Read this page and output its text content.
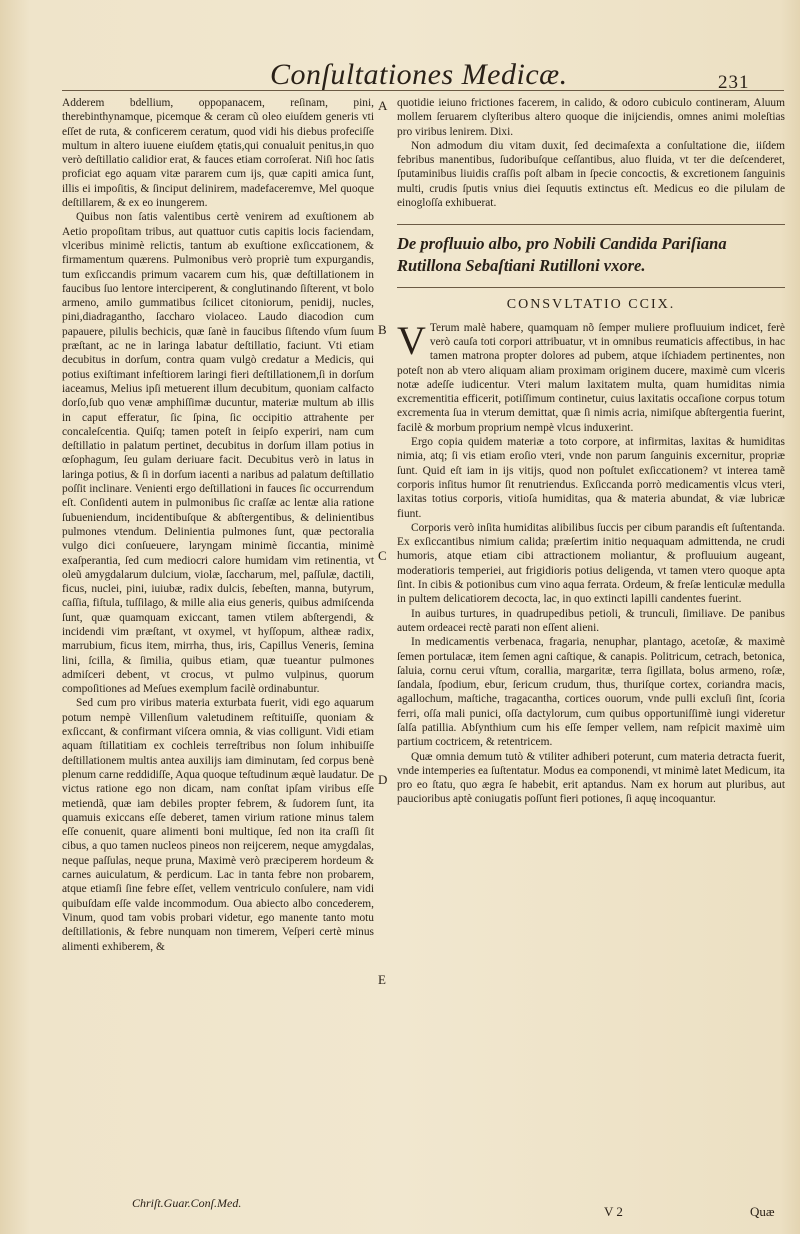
Conſultationes Medicæ.	231
A
B
C
D
E

Adderem bdellium, oppopanacem, reſinam, pini, therebinthynamque, picemque & ceram cũ oleo eiuſdem generis vti eſſet de ruta, & conficerem ceratum, quod vidi his diebus profeciſſe multum in altero iuuene eiuſdem ętatis,qui conualuit penitus,in quo verò deſtillatio calidior erat, & fauces etiam corroſerat. Niſi hoc ſatis proficiat ego aquam vitæ pararem cum ijs, quæ capiti amica ſunt, illis ei impoſitis, & ſinciput delinirem, madefaceremve, Mel quoque deſtillarem, & ex eo inungerem.

Quibus non ſatis valentibus certè venirem ad exuſtionem ab Aetio propoſitam tribus, aut quattuor cutis capitis locis faciendam, vlceribus minimè relictis, tantum ab exuſtione exſiccationem, & firmamentum quærens. Pulmonibus verò propriè tum expurgandis, tum exſiccandis primum vacarem cum his, quæ deſtillationem in faucibus ſuo lentore interciperent, & conglutinando ſiſterent, vt bolo armeno, amilo gummatibus ſcilicet citoniorum, penidij, nucles, pini,diadragantho, ſaccharo violaceo. Laudo diacodion cum papauere, pilulis bechicis, quæ ſanè in faucibus ſiſtendo vſum ſuum præſtant, ac ne in laringa labatur deſtillatio, faciunt. Vti etiam decubitus in dorſum, contra quam vulgò credatur a Medicis, qui potius exiſtimant infeſtiorem laringi fieri deſtillationem,ſi in dorſum iaceamus, Melius ipſi metuerent illum decubitum, quoniam calfacto dorſo,ſub quo venæ amphiſſimæ ducuntur, materiæ multum ab illis in caput efferatur, ſic ſpina, ſic occipitio attrahente per concaleſcentia. Quiſq; tamen poteſt in ſeipſo experiri, nam cum deſtillatio in palatum pertinet, decubitus in dorſum illam potius in œſophagum, ſeu gulam deriuare facit. Decubitus verò in latus in laringa potius, & ſi in dorſum iacenti a naribus ad palatum deſtillatio poſſit inclinare. Venienti ergo deſtillationi in fauces ſic occurrendum eſt. Conſidenti autem in pulmonibus ſic craſſæ ac lentæ alia ratione ſubueniendum, incidentibuſque & abſtergentibus, & delinientibus pulmones vtendum. Delinientia pulmones ſunt, quæ pectoralia vulgo dici conſueuere, laryngam minimè ſiccantia, minimè exaſperantia, ſed cum mediocri calore humidam vim retinentia, vt oleũ amygdalarum dulcium, violæ, ſaccharum, mel, paſſulæ, dactili, ficus, nuclei, pini, iuiubæ, radix dulcis, ſebeſten, manna, butyrum, caſſia, fiſtula, tuſſilago, & mille alia eius generis, quibus admiſcenda ſunt, quæ quamquam exiccant, tamen vtilem abſtergendi, & incidendi vim præſtant, vt oxymel, vt hyſſopum, altheæ radix, marrubium, ficus item, mirrha, thus, iris, Capillus Veneris, ſemina lini, ſcilla, & ſimilia, quibus etiam, quæ tueantur pulmones admiſceri debent, vt crocus, vt pulmo vulpinus, quorum compoſitiones ad Meſues exemplum facilè ordinabuntur.

Sed cum pro viribus materia exturbata fuerit, vidi ego aquarum potum nempè Villenſium valetudinem reſtituiſſe, quoniam & exſiccant, & confirmant viſcera omnia, & vias colligunt. Vidi etiam aquam ſtillatitiam ex cochleis terreſtribus non ſolum inhibuiſſe deſtillationem multis antea auxilijs iam diminutam, ſed corpus benè plenum carne reddidiſſe, Aqua quoque teſtudinum æquè laudatur. De victus ratione ego non dicam, nam conſtat ipſam viribus eſſe metiendã, quæ iam debiles propter febrem, & ſudorem ſunt, ita quamuis exiccans eſſe deberet, tamen virium ratione minus talem eſſe conuenit, quare alimenti boni multique, ſed non ita craſſi ſit cibus, a quo tamen nucleos pineos non reijcerem, neque amygdalas, neque paſſulas, neque pruna, Maximè verò præciperem hordeum & carnes auiculatum, & perdicum. Lac in tanta febre non probarem, atque etiamſi ſine febre eſſet, vellem ventriculo conſulere, nam vidi quibuſdam eſſe valde incommodum. Oua abiecto albo concederem, Vinum, quod tam vobis probari videtur, ego manente tanto motu deſtillationis, & febre nunquam non timerem, Veſperi certè minus alimenti exhiberem, &

quotidie ieiuno frictiones facerem, in calido, & odoro cubiculo contineram, Aluum mollem ſeruarem clyſteribus altero quoque die inijciendis, omnes animi moleſtias pro viribus lenirem. Dixi.

Non admodum diu vitam duxit, ſed decimaſexta a conſultatione die, iiſdem febribus manentibus, ſudoribuſque ceſſantibus, aluo fluida, vt ter die deſcenderet, ſputaminibus liuidis craſſis poſt albam in ſpecie concoctis, & excretionem ſanguinis multi, crudis ſputis vnius diei ſequutis extinctus eſt. Medicus eo die pilulam de einogloſſa exhibuerat.

De profluuio albo, pro Nobili Candida Pariſiana Rutillona Sebaſtiani Rutilloni vxore.
CONSVLTATIO CCIX.

V Terum malè habere, quamquam nõ ſemper muliere profluuium indicet, ferè verò cauſa toti corpori attribuatur, vt in omnibus reumaticis affectibus, in hac tamen matrona propter dolores ad pubem, atque iſchiadem pertinentes, non poteſt non ab vtero aliquam aliam proximam originem ducere, maximè cum vlceris notæ adeſſe iudicentur. Vteri malum laxitatem multa, quam humiditas nimia excrementitia efficerit, potiſſimum continetur, cuius laxitatis occaſione corpus totum excrementa ſua in vterum demittat, quæ ſi nimis acria, nimiſque abſtergentia fuerint, facilè & morbum proprium nempè vlcus induxerint.

Ergo copia quidem materiæ a toto corpore, at infirmitas, laxitas & humiditas nimia, atq; ſi vis etiam eroſio vteri, vnde non parum ſanguinis excernitur, propriæ ſunt. Quid eſt iam in ijs vitijs, quod non poſtulet exſiccationem? vt interea tamẽ corporis inſitus humor ſit renutriendus. Exſiccanda porrò medicamentis vlcus vteri, laxitas totius corporis, vitioſa humiditas, qua & materia abundat, & viæ lubricæ fiunt.

Corporis verò inſita humiditas alibilibus ſuccis per cibum parandis eſt ſuſtentanda. Ex exſiccantibus nimium calida; præſertim initio nequaquam admittenda, ne crudi humoris, atque etiam cibi attractionem moliantur, & profluuium augeant, moderatioris temperiei, aut frigidioris potius deligenda, vt tamen vtero quoque apta ſint. In cibis & potionibus cum vino aqua ferrata. Ordeum, & freſæ lenticulæ medulla in pultem delicatiorem decocta, lac, in quo extincti lapilli candentes fuerint.

In auibus turtures, in quadrupedibus petioli, & trunculi, ſimiliave. De panibus autem ordeacei rectè parati non eſſent alieni.

In medicamentis verbenaca, fragaria, nenuphar, plantago, acetoſæ, & maximè ſemen portulacæ, item ſemen agni caſtique, & canapis. Politricum, cetrach, betonica, ſaluia, cornu cerui vſtum, corallia, margaritæ, terra ſigillata, bolus armeno, roſæ, ſandala, ſpodium, ebur, ſericum crudum, thus, thuriſque cortex, coriandra macis, agallochum, maſtiche, tragacantha, cortices ouorum, vnde pulli excluſi ſint, ſcoria ferri, oſſa mali punici, oſſa dactylorum, cum quibus opportuniſſimè iungi videretur ſalſa patillia. Abſynthium cum his eſſe ſemper vellem, nam reſpicit maximè uim partium coctricem, & retentricem.

Quæ omnia demum tutò & vtiliter adhiberi poterunt, cum materia detracta fuerit, vnde intemperies ea ſuſtentatur. Modus ea componendi, vt minimè latet Medicum, ita pro eo ſtatu, quo ægra ſe habebit, erit aptandus. Nam ex horum aut pluribus, aut paucioribus aptè coniugatis poſſunt fieri potiones, ſi aquę incoquantur.

Chriſt.Guar.Conſ.Med.
V 2	Quæ
